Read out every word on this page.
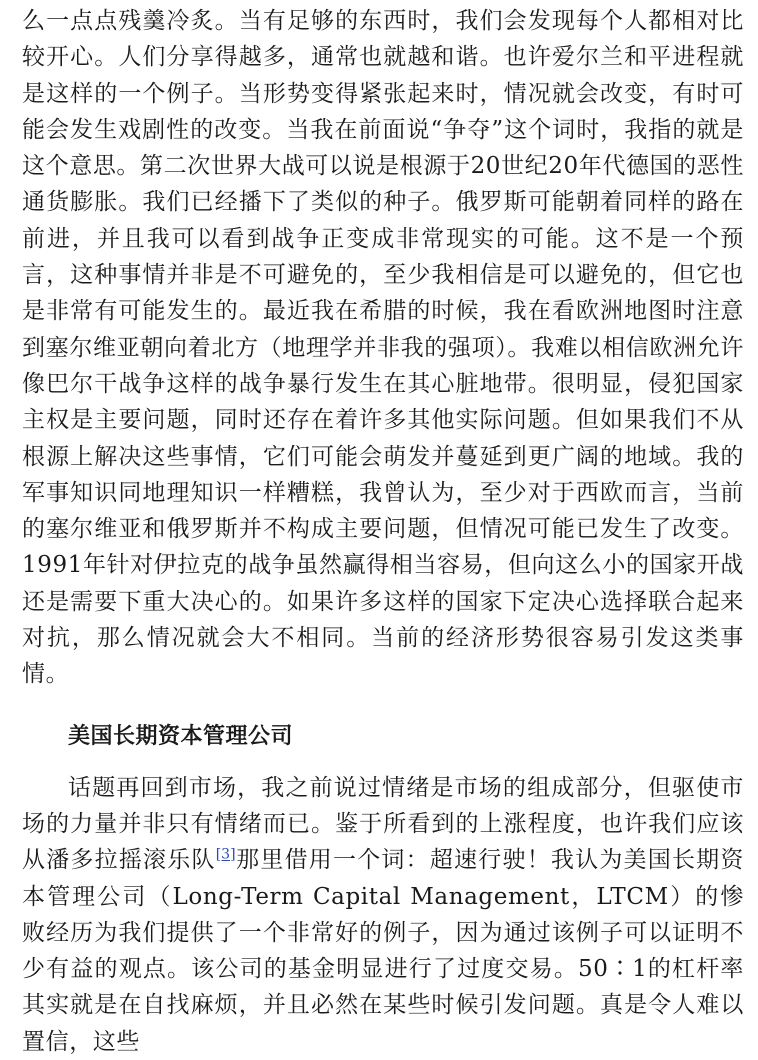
么一点点残羹冷炙。当有足够的东西时，我们会发现每个人都相对比较开心。人们分享得越多，通常也就越和谐。也许爱尔兰和平进程就是这样的一个例子。当形势变得紧张起来时，情况就会改变，有时可能会发生戏剧性的改变。当我在前面说“争夺”这个词时，我指的就是这个意思。第二次世界大战可以说是根源于20世纪20年代德国的恶性通货膨胀。我们已经播下了类似的种子。俄罗斯可能朝着同样的路在前进，并且我可以看到战争正变成非常现实的可能。这不是一个预言，这种事情并非是不可避免的，至少我相信是可以避免的，但它也是非常有可能发生的。最近我在希腊的时候，我在看欧洲地图时注意到塞尔维亚朝向着北方（地理学并非我的强项）。我难以相信欧洲允许像巴尔干战争这样的战争暴行发生在其心脏地带。很明显，侵犯国家主权是主要问题，同时还存在着许多其他实际问题。但如果我们不从根源上解决这些事情，它们可能会萌发并蔓延到更广阔的地域。我的军事知识同地理知识一样糟糕，我曾认为，至少对于西欧而言，当前的塞尔维亚和俄罗斯并不构成主要问题，但情况可能已发生了改变。1991年针对伊拉克的战争虽然赢得相当容易，但向这么小的国家开战还是需要下重大决心的。如果许多这样的国家下定决心选择联合起来对抗，那么情况就会大不相同。当前的经济形势很容易引发这类事情。

美国长期资本管理公司

话题再回到市场，我之前说过情绪是市场的组成部分，但驱使市场的力量并非只有情绪而已。鉴于所看到的上涨程度，也许我们应该从潘多拉摇滚乐队[3]那里借用一个词：超速行驶！我认为美国长期资本管理公司（Long-Term Capital Management，LTCM）的惨败经历为我们提供了一个非常好的例子，因为通过该例子可以证明不少有益的观点。该公司的基金明显进行了过度交易。50∶1的杠杆率其实就是在自找麻烦，并且必然在某些时候引发问题。真是令人难以置信，这些
